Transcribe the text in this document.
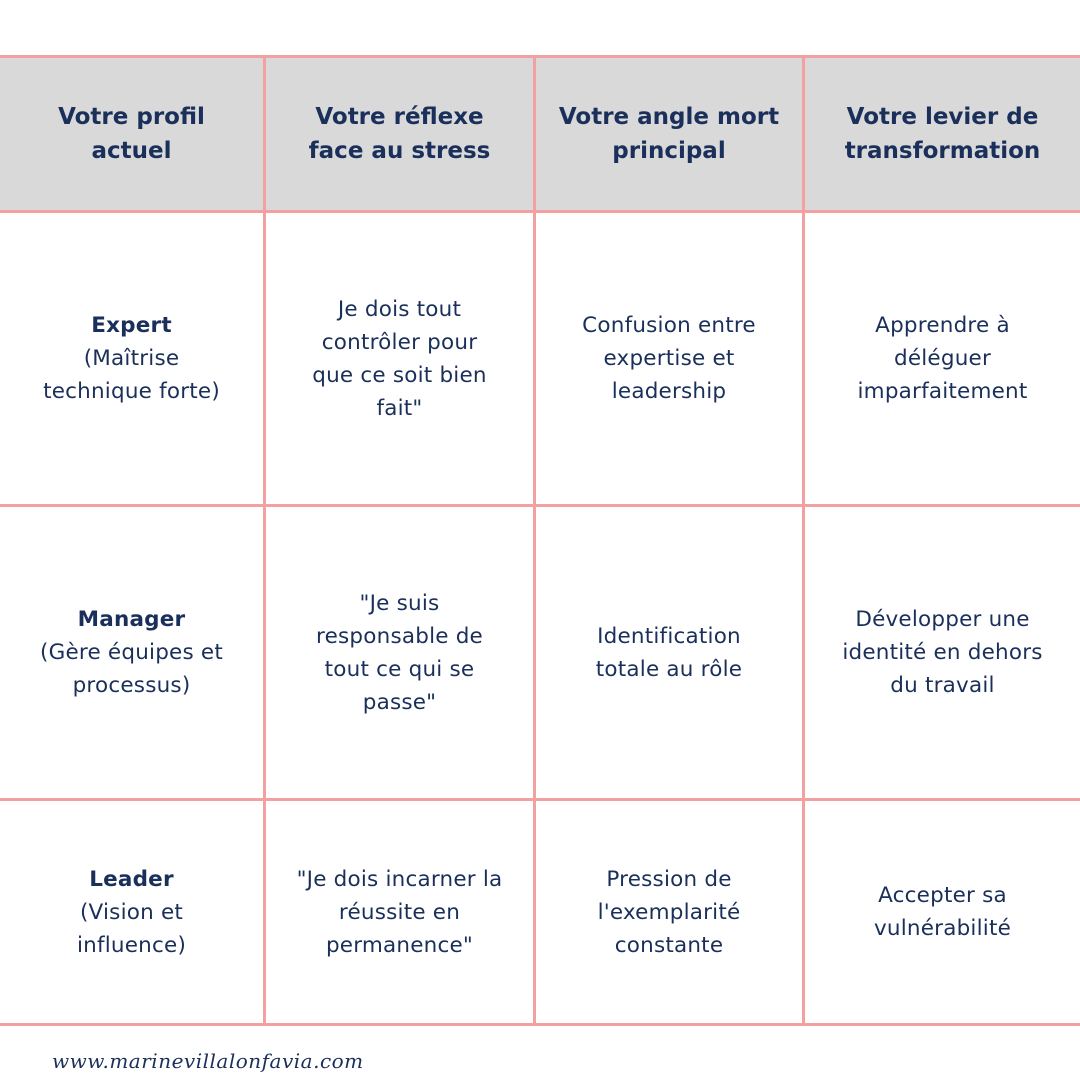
Votre profil actuel
Votre réflexe face au stress
Votre angle mort principal
Votre levier de transformation
Expert
(Maîtrise technique forte)
Je dois tout contrôler pour que ce soit bien fait"
Confusion entre expertise et leadership
Apprendre à déléguer imparfaitement
Manager
(Gère équipes et processus)
"Je suis responsable de tout ce qui se passe"
Identification totale au rôle
Développer une identité en dehors du travail
Leader
(Vision et influence)
"Je dois incarner la réussite en permanence"
Pression de l'exemplarité constante
Accepter sa vulnérabilité
www.marinevillalonfavia.com
